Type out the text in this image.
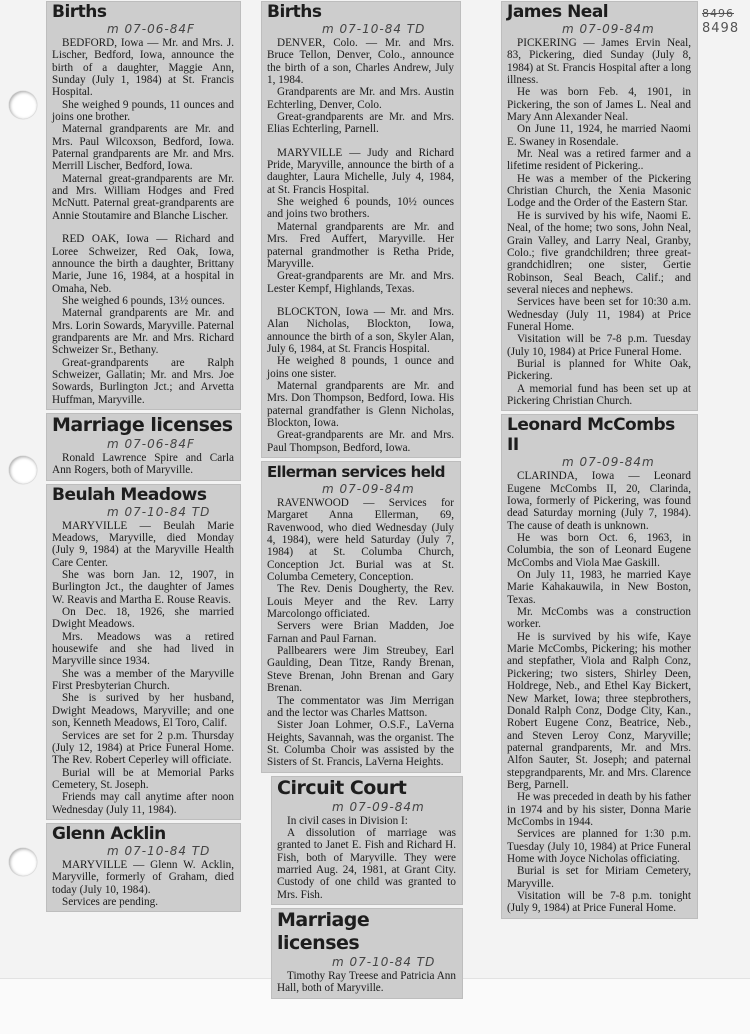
8496
8498
Births
m 07-06-84F

BEDFORD, Iowa — Mr. and Mrs. J. Lischer, Bedford, Iowa, announce the birth of a daughter, Maggie Ann, Sunday (July 1, 1984) at St. Francis Hospital.

She weighed 9 pounds, 11 ounces and joins one brother.

Maternal grandparents are Mr. and Mrs. Paul Wilcoxson, Bedford, Iowa. Paternal grandparents are Mr. and Mrs. Merrill Lischer, Bedford, Iowa.

Maternal great-grandparents are Mr. and Mrs. William Hodges and Fred McNutt. Paternal great-grandparents are Annie Stoutamire and Blanche Lischer.

RED OAK, Iowa — Richard and Loree Schweizer, Red Oak, Iowa, announce the birth a daughter, Brittany Marie, June 16, 1984, at a hospital in Omaha, Neb.

She weighed 6 pounds, 13½ ounces.

Maternal grandparents are Mr. and Mrs. Lorin Sowards, Maryville. Paternal grandparents are Mr. and Mrs. Richard Schweizer Sr., Bethany.

Great-grandparents are Ralph Schweizer, Gallatin; Mr. and Mrs. Joe Sowards, Burlington Jct.; and Arvetta Huffman, Maryville.

Marriage licenses
m 07-06-84F

Ronald Lawrence Spire and Carla Ann Rogers, both of Maryville.

Beulah Meadows
m 07-10-84 TD

MARYVILLE — Beulah Marie Meadows, Maryville, died Monday (July 9, 1984) at the Maryville Health Care Center.

She was born Jan. 12, 1907, in Burlington Jct., the daughter of James W. Reavis and Martha E. Rouse Reavis.

On Dec. 18, 1926, she married Dwight Meadows.

Mrs. Meadows was a retired housewife and she had lived in Maryville since 1934.

She was a member of the Maryville First Presbyterian Church.

She is surived by her husband, Dwight Meadows, Maryville; and one son, Kenneth Meadows, El Toro, Calif.

Services are set for 2 p.m. Thursday (July 12, 1984) at Price Funeral Home. The Rev. Robert Ceperley will officiate.

Burial will be at Memorial Parks Cemetery, St. Joseph.

Friends may call anytime after noon Wednesday (July 11, 1984).

Glenn Acklin
m 07-10-84 TD

MARYVILLE — Glenn W. Acklin, Maryville, formerly of Graham, died today (July 10, 1984).

Services are pending.

Births
m 07-10-84 TD

DENVER, Colo. — Mr. and Mrs. Bruce Tellon, Denver, Colo., announce the birth of a son, Charles Andrew, July 1, 1984.

Grandparents are Mr. and Mrs. Austin Echterling, Denver, Colo.

Great-grandparents are Mr. and Mrs. Elias Echterling, Parnell.

MARYVILLE — Judy and Richard Pride, Maryville, announce the birth of a daughter, Laura Michelle, July 4, 1984, at St. Francis Hospital.

She weighed 6 pounds, 10½ ounces and joins two brothers.

Maternal grandparents are Mr. and Mrs. Fred Auffert, Maryville. Her paternal grandmother is Retha Pride, Maryville.

Great-grandparents are Mr. and Mrs. Lester Kempf, Highlands, Texas.

BLOCKTON, Iowa — Mr. and Mrs. Alan Nicholas, Blockton, Iowa, announce the birth of a son, Skyler Alan, July 6, 1984, at St. Francis Hospital.

He weighed 8 pounds, 1 ounce and joins one sister.

Maternal grandparents are Mr. and Mrs. Don Thompson, Bedford, Iowa. His paternal grandfather is Glenn Nicholas, Blockton, Iowa.

Great-grandparents are Mr. and Mrs. Paul Thompson, Bedford, Iowa.

Ellerman services held
m 07-09-84m

RAVENWOOD — Services for Margaret Anna Ellerman, 69, Ravenwood, who died Wednesday (July 4, 1984), were held Saturday (July 7, 1984) at St. Columba Church, Conception Jct. Burial was at St. Columba Cemetery, Conception.

The Rev. Denis Dougherty, the Rev. Louis Meyer and the Rev. Larry Marcolongo officiated.

Servers were Brian Madden, Joe Farnan and Paul Farnan.

Pallbearers were Jim Streubey, Earl Gaulding, Dean Titze, Randy Brenan, Steve Brenan, John Brenan and Gary Brenan.

The commentator was Jim Merrigan and the lector was Charles Mattson.

Sister Joan Lohmer, O.S.F., LaVerna Heights, Savannah, was the organist. The St. Columba Choir was assisted by the Sisters of St. Francis, LaVerna Heights.

Circuit Court
m 07-09-84m

In civil cases in Division I:

A dissolution of marriage was granted to Janet E. Fish and Richard H. Fish, both of Maryville. They were married Aug. 24, 1981, at Grant City. Custody of one child was granted to Mrs. Fish.

Marriage licenses
m 07-10-84 TD

Timothy Ray Treese and Patricia Ann Hall, both of Maryville.

James Neal
m 07-09-84m

PICKERING — James Ervin Neal, 83, Pickering, died Sunday (July 8, 1984) at St. Francis Hospital after a long illness.

He was born Feb. 4, 1901, in Pickering, the son of James L. Neal and Mary Ann Alexander Neal.

On June 11, 1924, he married Naomi E. Swaney in Rosendale.

Mr. Neal was a retired farmer and a lifetime resident of Pickering..

He was a member of the Pickering Christian Church, the Xenia Masonic Lodge and the Order of the Eastern Star.

He is survived by his wife, Naomi E. Neal, of the home; two sons, John Neal, Grain Valley, and Larry Neal, Granby, Colo.; five grandchildren; three great-grandchidlren; one sister, Gertie Robinson, Seal Beach, Calif.; and several nieces and nephews.

Services have been set for 10:30 a.m. Wednesday (July 11, 1984) at Price Funeral Home.

Visitation will be 7-8 p.m. Tuesday (July 10, 1984) at Price Funeral Home.

Burial is planned for White Oak, Pickering.

A memorial fund has been set up at Pickering Christian Church.

Leonard McCombs II
m 07-09-84m

CLARINDA, Iowa — Leonard Eugene McCombs II, 20, Clarinda, Iowa, formerly of Pickering, was found dead Saturday morning (July 7, 1984). The cause of death is unknown.

He was born Oct. 6, 1963, in Columbia, the son of Leonard Eugene McCombs and Viola Mae Gaskill.

On July 11, 1983, he married Kaye Marie Kahakauwila, in New Boston, Texas.

Mr. McCombs was a construction worker.

He is survived by his wife, Kaye Marie McCombs, Pickering; his mother and stepfather, Viola and Ralph Conz, Pickering; two sisters, Shirley Deen, Holdrege, Neb., and Ethel Kay Bickert, New Market, Iowa; three stepbrothers, Donald Ralph Conz, Dodge City, Kan., Robert Eugene Conz, Beatrice, Neb., and Steven Leroy Conz, Maryville; paternal grandparents, Mr. and Mrs. Alfon Sauter, St. Joseph; and paternal stepgrandparents, Mr. and Mrs. Clarence Berg, Parnell.

He was preceded in death by his father in 1974 and by his sister, Donna Marie McCombs in 1944.

Services are planned for 1:30 p.m. Tuesday (July 10, 1984) at Price Funeral Home with Joyce Nicholas officiating.

Burial is set for Miriam Cemetery, Maryville.

Visitation will be 7-8 p.m. tonight (July 9, 1984) at Price Funeral Home.
